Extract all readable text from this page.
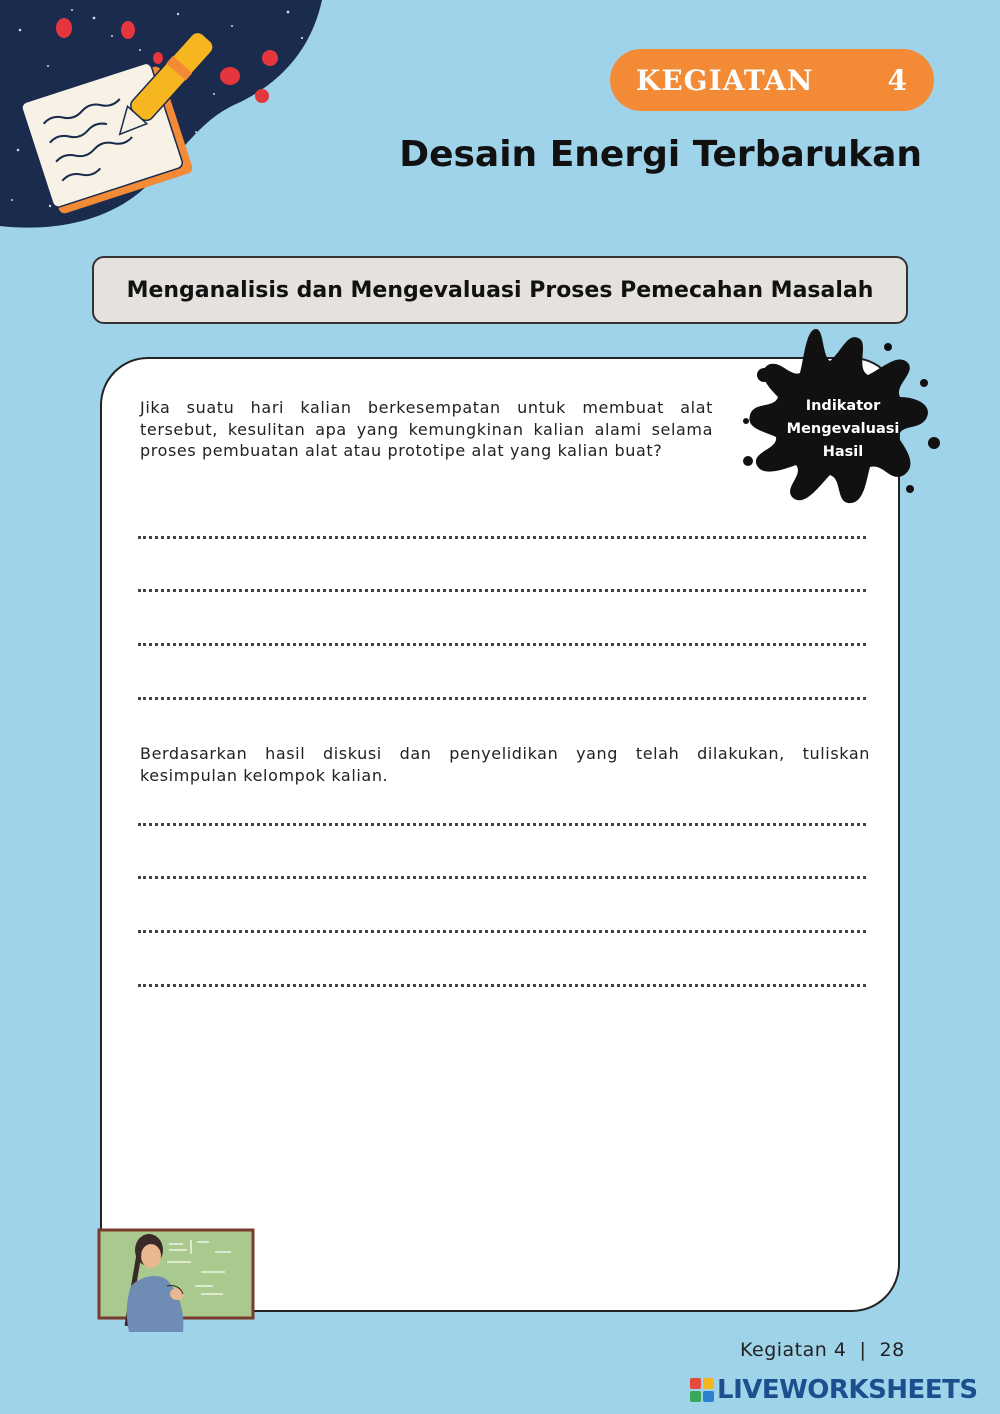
KEGIATAN	4
Desain Energi Terbarukan
Menganalisis dan Mengevaluasi Proses Pemecahan Masalah

Jika suatu hari kalian berkesempatan untuk membuat alat tersebut, kesulitan apa yang kemungkinan kalian alami selama proses pembuatan alat atau prototipe alat yang kalian buat?

Berdasarkan hasil diskusi dan penyelidikan yang telah dilakukan, tuliskan kesimpulan kelompok kalian.

Indikator
Mengevaluasi
Hasil
Kegiatan 4 | 28
LIVEWORKSHEETS
